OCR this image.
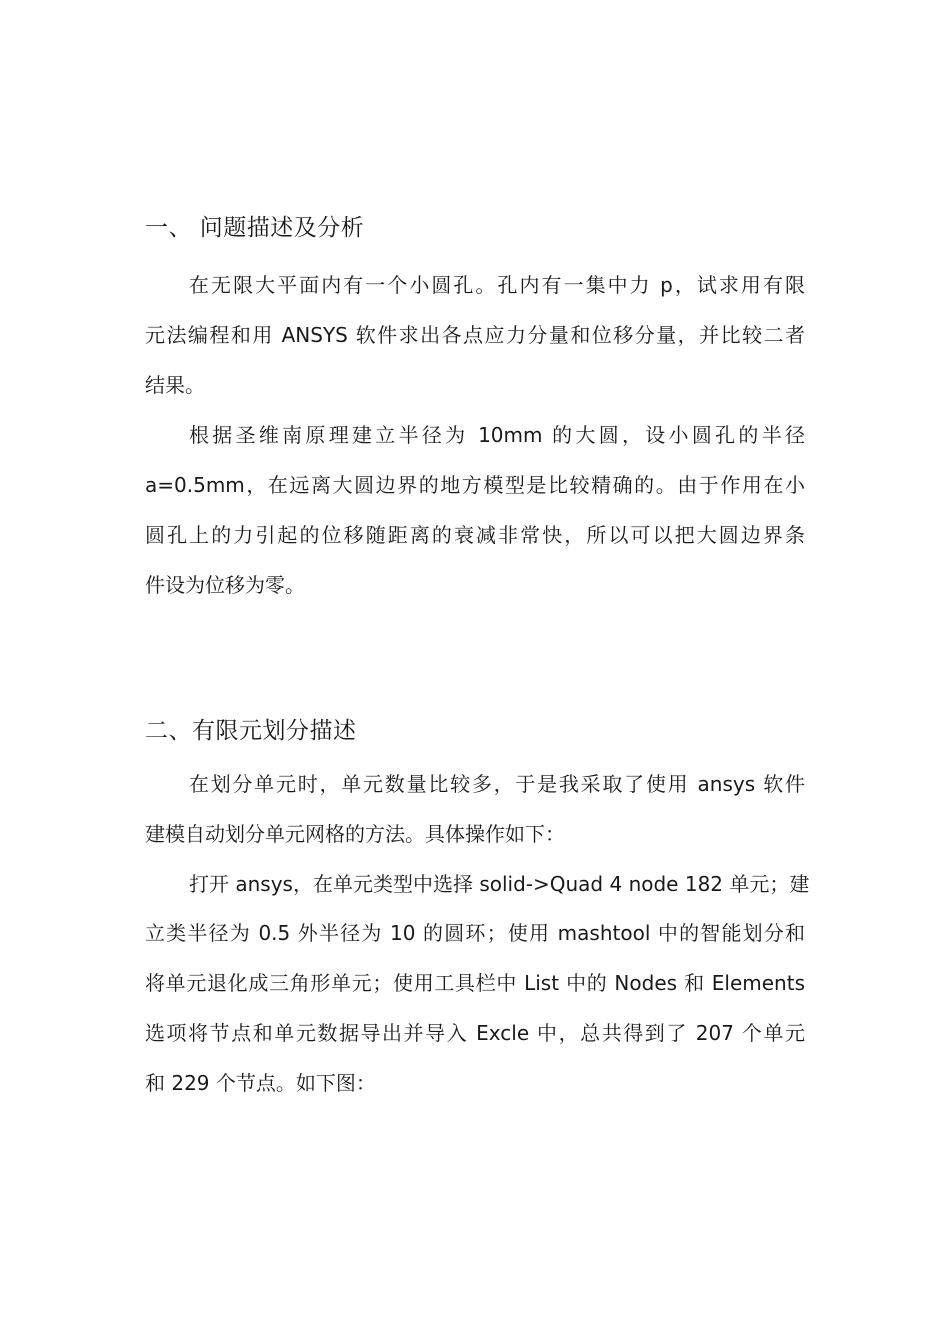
一、 问题描述及分析
在无限大平面内有一个小圆孔。孔内有一集中力 p，试求用有限
元法编程和用 ANSYS 软件求出各点应力分量和位移分量，并比较二者
结果。
根据圣维南原理建立半径为 10mm 的大圆，设小圆孔的半径
a=0.5mm，在远离大圆边界的地方模型是比较精确的。由于作用在小
圆孔上的力引起的位移随距离的衰减非常快，所以可以把大圆边界条
件设为位移为零。
二、有限元划分描述
在划分单元时，单元数量比较多，于是我采取了使用 ansys 软件
建模自动划分单元网格的方法。具体操作如下：
打开 ansys，在单元类型中选择 solid->Quad 4 node 182 单元；建
立类半径为 0.5 外半径为 10 的圆环；使用 mashtool 中的智能划分和
将单元退化成三角形单元；使用工具栏中 List 中的 Nodes 和 Elements
选项将节点和单元数据导出并导入 Excle 中，总共得到了 207 个单元
和 229 个节点。如下图：
